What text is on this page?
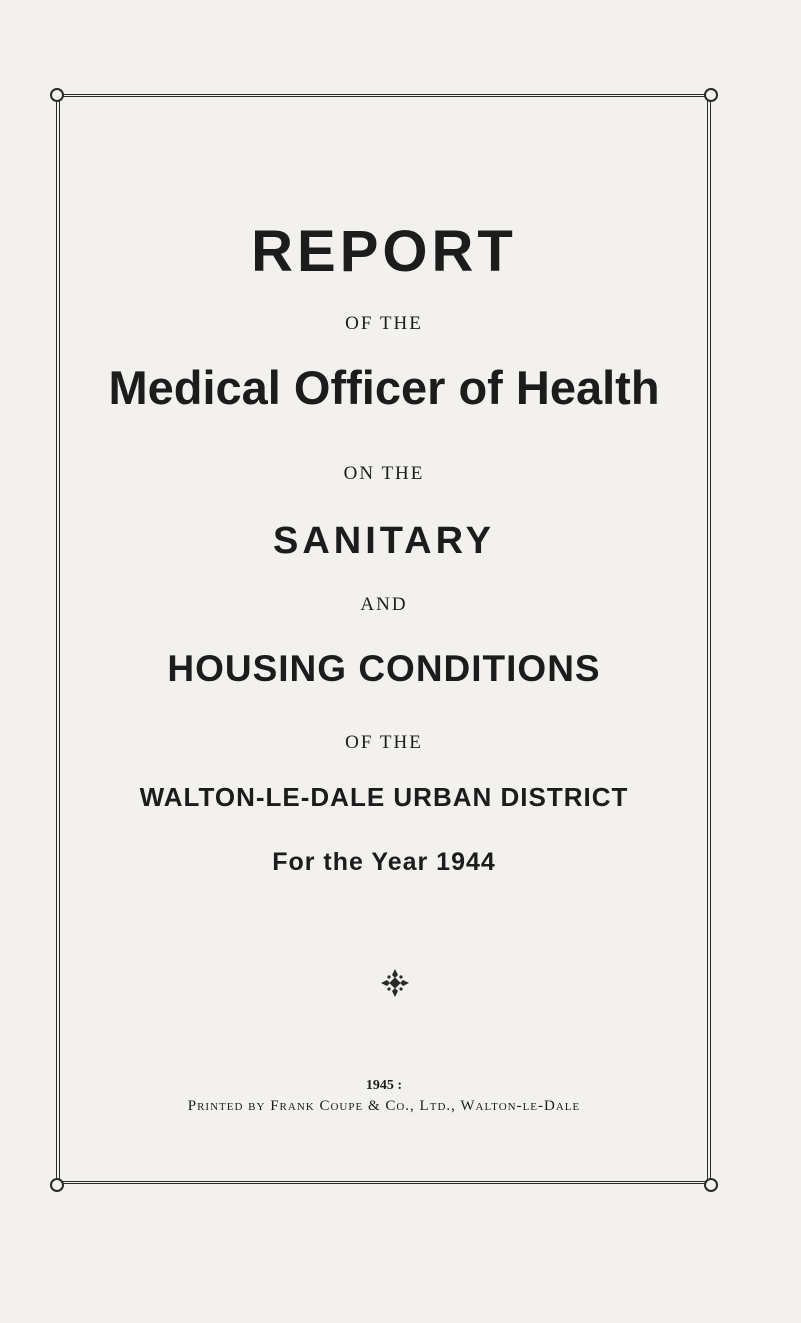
REPORT
OF THE
Medical Officer of Health
ON THE
SANITARY
AND
HOUSING CONDITIONS
OF THE
WALTON-LE-DALE URBAN DISTRICT
For the Year 1944
1945 :
Printed by Frank Coupe & Co., Ltd., Walton-le-Dale
